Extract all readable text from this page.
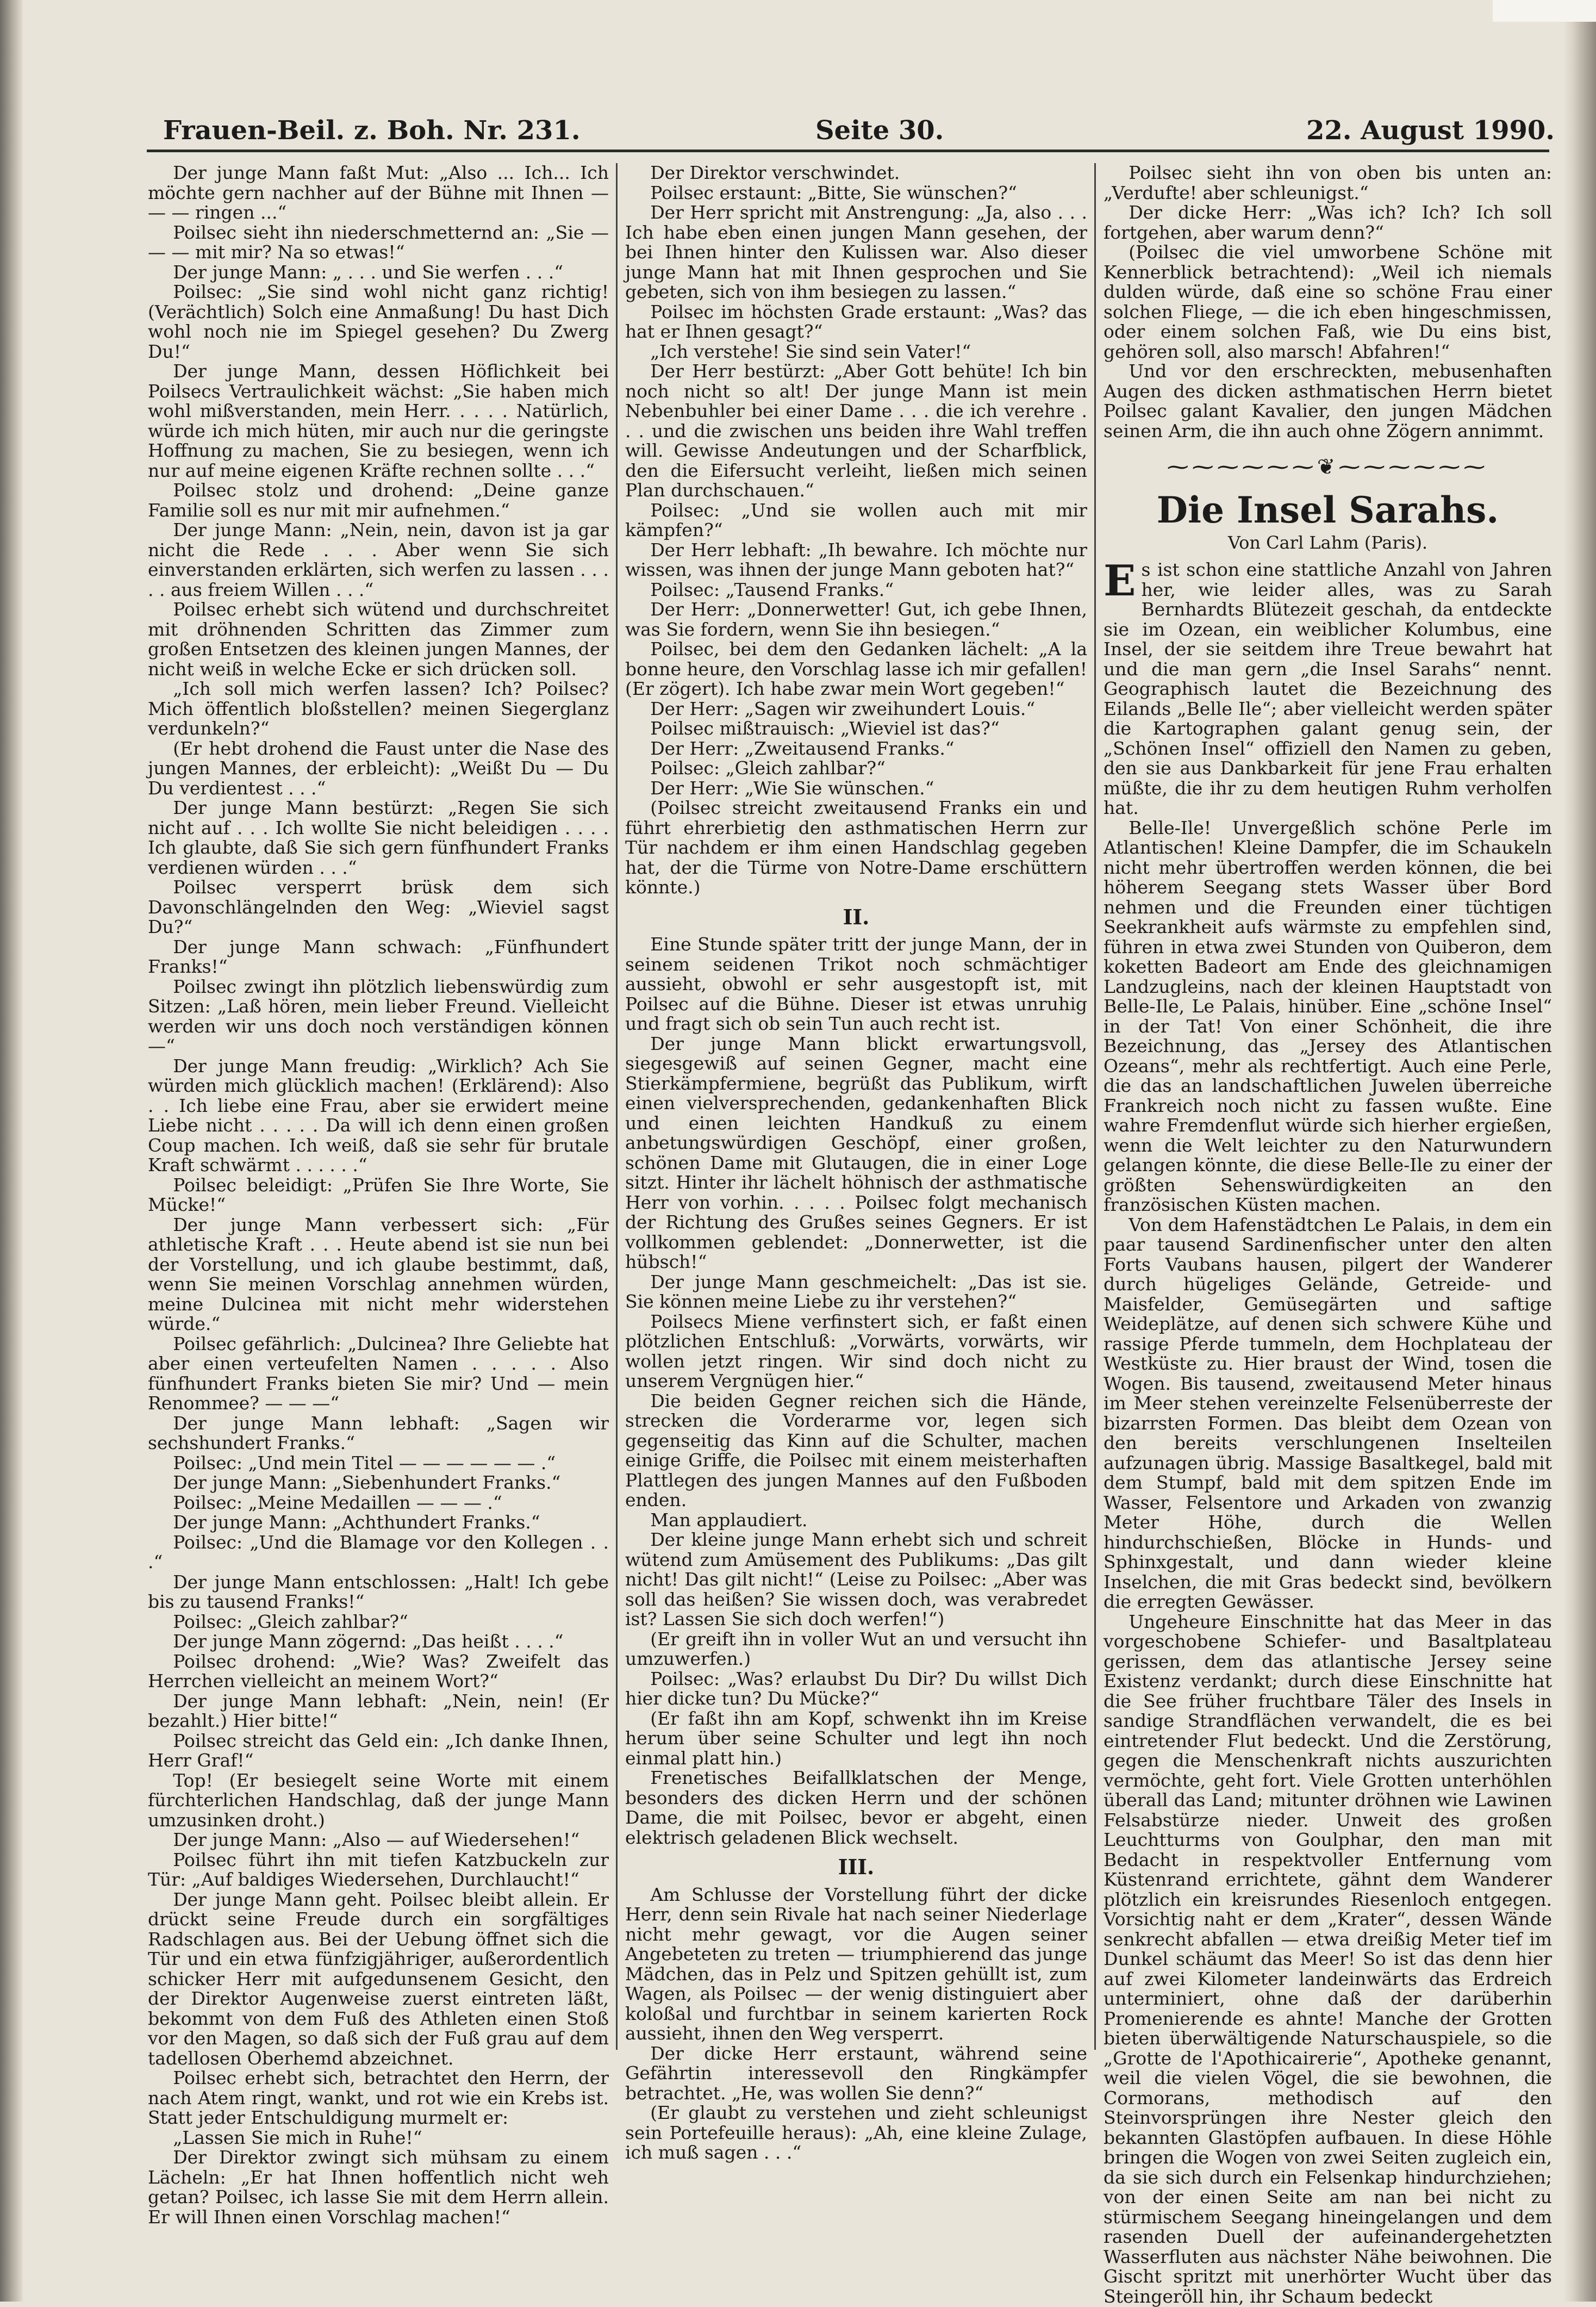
Frauen-Beil. z. Boh. Nr. 231.	Seite 30.	22. August 1990.

Der junge Mann faßt Mut: „Also ... Ich... Ich möchte gern nachher auf der Bühne mit Ihnen — — — ringen ...“

Poilsec sieht ihn niederschmetternd an: „Sie — — — mit mir? Na so etwas!“

Der junge Mann: „ . . . und Sie werfen . . .“

Poilsec: „Sie sind wohl nicht ganz richtig! (Verächtlich) Solch eine Anmaßung! Du hast Dich wohl noch nie im Spiegel gesehen? Du Zwerg Du!“

Der junge Mann, dessen Höflichkeit bei Poilsecs Vertraulichkeit wächst: „Sie haben mich wohl mißverstanden, mein Herr. . . . . Natürlich, würde ich mich hüten, mir auch nur die geringste Hoffnung zu machen, Sie zu besiegen, wenn ich nur auf meine eigenen Kräfte rechnen sollte . . .“

Poilsec stolz und drohend: „Deine ganze Familie soll es nur mit mir aufnehmen.“

Der junge Mann: „Nein, nein, davon ist ja gar nicht die Rede . . . Aber wenn Sie sich einverstanden erklärten, sich werfen zu lassen . . . . . aus freiem Willen . . .“

Poilsec erhebt sich wütend und durchschreitet mit dröhnenden Schritten das Zimmer zum großen Entsetzen des kleinen jungen Mannes, der nicht weiß in welche Ecke er sich drücken soll.

„Ich soll mich werfen lassen? Ich? Poilsec? Mich öffentlich bloßstellen? meinen Siegerglanz verdunkeln?“

(Er hebt drohend die Faust unter die Nase des jungen Mannes, der erbleicht): „Weißt Du — Du Du verdientest . . .“

Der junge Mann bestürzt: „Regen Sie sich nicht auf . . . Ich wollte Sie nicht beleidigen . . . . Ich glaubte, daß Sie sich gern fünfhundert Franks verdienen würden . . .“

Poilsec versperrt brüsk dem sich Davonschlängelnden den Weg: „Wieviel sagst Du?“

Der junge Mann schwach: „Fünfhundert Franks!“

Poilsec zwingt ihn plötzlich liebenswürdig zum Sitzen: „Laß hören, mein lieber Freund. Vielleicht werden wir uns doch noch verständigen können —“

Der junge Mann freudig: „Wirklich? Ach Sie würden mich glücklich machen! (Erklärend): Also . . Ich liebe eine Frau, aber sie erwidert meine Liebe nicht . . . . . Da will ich denn einen großen Coup machen. Ich weiß, daß sie sehr für brutale Kraft schwärmt . . . . . .“

Poilsec beleidigt: „Prüfen Sie Ihre Worte, Sie Mücke!“

Der junge Mann verbessert sich: „Für athletische Kraft . . . Heute abend ist sie nun bei der Vorstellung, und ich glaube bestimmt, daß, wenn Sie meinen Vorschlag annehmen würden, meine Dulcinea mit nicht mehr widerstehen würde.“

Poilsec gefährlich: „Dulcinea? Ihre Geliebte hat aber einen verteufelten Namen . . . . . Also fünfhundert Franks bieten Sie mir? Und — mein Renommee? — — —“

Der junge Mann lebhaft: „Sagen wir sechshundert Franks.“

Poilsec: „Und mein Titel — — — — — — .“

Der junge Mann: „Siebenhundert Franks.“

Poilsec: „Meine Medaillen — — — .“

Der junge Mann: „Achthundert Franks.“

Poilsec: „Und die Blamage vor den Kollegen . . .“

Der junge Mann entschlossen: „Halt! Ich gebe bis zu tausend Franks!“

Poilsec: „Gleich zahlbar?“

Der junge Mann zögernd: „Das heißt . . . .“

Poilsec drohend: „Wie? Was? Zweifelt das Herrchen vielleicht an meinem Wort?“

Der junge Mann lebhaft: „Nein, nein! (Er bezahlt.) Hier bitte!“

Poilsec streicht das Geld ein: „Ich danke Ihnen, Herr Graf!“

Top! (Er besiegelt seine Worte mit einem fürchterlichen Handschlag, daß der junge Mann umzusinken droht.)

Der junge Mann: „Also — auf Wiedersehen!“

Poilsec führt ihn mit tiefen Katzbuckeln zur Tür: „Auf baldiges Wiedersehen, Durchlaucht!“

Der junge Mann geht. Poilsec bleibt allein. Er drückt seine Freude durch ein sorgfältiges Radschlagen aus. Bei der Uebung öffnet sich die Tür und ein etwa fünfzigjähriger, außerordentlich schicker Herr mit aufgedunsenem Gesicht, den der Direktor Augenweise zuerst eintreten läßt, bekommt von dem Fuß des Athleten einen Stoß vor den Magen, so daß sich der Fuß grau auf dem tadellosen Oberhemd abzeichnet.

Poilsec erhebt sich, betrachtet den Herrn, der nach Atem ringt, wankt, und rot wie ein Krebs ist. Statt jeder Entschuldigung murmelt er:

„Lassen Sie mich in Ruhe!“

Der Direktor zwingt sich mühsam zu einem Lächeln: „Er hat Ihnen hoffentlich nicht weh getan? Poilsec, ich lasse Sie mit dem Herrn allein. Er will Ihnen einen Vorschlag machen!“

Der Direktor verschwindet.

Poilsec erstaunt: „Bitte, Sie wünschen?“

Der Herr spricht mit Anstrengung: „Ja, also . . . Ich habe eben einen jungen Mann gesehen, der bei Ihnen hinter den Kulissen war. Also dieser junge Mann hat mit Ihnen gesprochen und Sie gebeten, sich von ihm besiegen zu lassen.“

Poilsec im höchsten Grade erstaunt: „Was? das hat er Ihnen gesagt?“

„Ich verstehe! Sie sind sein Vater!“

Der Herr bestürzt: „Aber Gott behüte! Ich bin noch nicht so alt! Der junge Mann ist mein Nebenbuhler bei einer Dame . . . die ich verehre . . . und die zwischen uns beiden ihre Wahl treffen will. Gewisse Andeutungen und der Scharfblick, den die Eifersucht verleiht, ließen mich seinen Plan durchschauen.“

Poilsec: „Und sie wollen auch mit mir kämpfen?“

Der Herr lebhaft: „Ih bewahre. Ich möchte nur wissen, was ihnen der junge Mann geboten hat?“

Poilsec: „Tausend Franks.“

Der Herr: „Donnerwetter! Gut, ich gebe Ihnen, was Sie fordern, wenn Sie ihn besiegen.“

Poilsec, bei dem den Gedanken lächelt: „A la bonne heure, den Vorschlag lasse ich mir gefallen! (Er zögert). Ich habe zwar mein Wort gegeben!“

Der Herr: „Sagen wir zweihundert Louis.“

Poilsec mißtrauisch: „Wieviel ist das?“

Der Herr: „Zweitausend Franks.“

Poilsec: „Gleich zahlbar?“

Der Herr: „Wie Sie wünschen.“

(Poilsec streicht zweitausend Franks ein und führt ehrerbietig den asthmatischen Herrn zur Tür nachdem er ihm einen Handschlag gegeben hat, der die Türme von Notre-Dame erschüttern könnte.)

II.

Eine Stunde später tritt der junge Mann, der in seinem seidenen Trikot noch schmächtiger aussieht, obwohl er sehr ausgestopft ist, mit Poilsec auf die Bühne. Dieser ist etwas unruhig und fragt sich ob sein Tun auch recht ist.

Der junge Mann blickt erwartungsvoll, siegesgewiß auf seinen Gegner, macht eine Stierkämpfermiene, begrüßt das Publikum, wirft einen vielversprechenden, gedankenhaften Blick und einen leichten Handkuß zu einem anbetungswürdigen Geschöpf, einer großen, schönen Dame mit Glutaugen, die in einer Loge sitzt. Hinter ihr lächelt höhnisch der asthmatische Herr von vorhin. . . . . Poilsec folgt mechanisch der Richtung des Grußes seines Gegners. Er ist vollkommen geblendet: „Donnerwetter, ist die hübsch!“

Der junge Mann geschmeichelt: „Das ist sie. Sie können meine Liebe zu ihr verstehen?“

Poilsecs Miene verfinstert sich, er faßt einen plötzlichen Entschluß: „Vorwärts, vorwärts, wir wollen jetzt ringen. Wir sind doch nicht zu unserem Vergnügen hier.“

Die beiden Gegner reichen sich die Hände, strecken die Vorderarme vor, legen sich gegenseitig das Kinn auf die Schulter, machen einige Griffe, die Poilsec mit einem meisterhaften Plattlegen des jungen Mannes auf den Fußboden enden.

Man applaudiert.

Der kleine junge Mann erhebt sich und schreit wütend zum Amüsement des Publikums: „Das gilt nicht! Das gilt nicht!“ (Leise zu Poilsec: „Aber was soll das heißen? Sie wissen doch, was verabredet ist? Lassen Sie sich doch werfen!“)

(Er greift ihn in voller Wut an und versucht ihn umzuwerfen.)

Poilsec: „Was? erlaubst Du Dir? Du willst Dich hier dicke tun? Du Mücke?“

(Er faßt ihn am Kopf, schwenkt ihn im Kreise herum über seine Schulter und legt ihn noch einmal platt hin.)

Frenetisches Beifallklatschen der Menge, besonders des dicken Herrn und der schönen Dame, die mit Poilsec, bevor er abgeht, einen elektrisch geladenen Blick wechselt.

III.

Am Schlusse der Vorstellung führt der dicke Herr, denn sein Rivale hat nach seiner Niederlage nicht mehr gewagt, vor die Augen seiner Angebeteten zu treten — triumphierend das junge Mädchen, das in Pelz und Spitzen gehüllt ist, zum Wagen, als Poilsec — der wenig distinguiert aber koloßal und furchtbar in seinem karierten Rock aussieht, ihnen den Weg versperrt.

Der dicke Herr erstaunt, während seine Gefährtin interessevoll den Ringkämpfer betrachtet. „He, was wollen Sie denn?“

(Er glaubt zu verstehen und zieht schleunigst sein Portefeuille heraus): „Ah, eine kleine Zulage, ich muß sagen . . .“

Poilsec sieht ihn von oben bis unten an: „Verdufte! aber schleunigst.“

Der dicke Herr: „Was ich? Ich? Ich soll fortgehen, aber warum denn?“

(Poilsec die viel umworbene Schöne mit Kennerblick betrachtend): „Weil ich niemals dulden würde, daß eine so schöne Frau einer solchen Fliege, — die ich eben hingeschmissen, oder einem solchen Faß, wie Du eins bist, gehören soll, also marsch! Abfahren!“

Und vor den erschreckten, mebusenhaften Augen des dicken asthmatischen Herrn bietet Poilsec galant Kavalier, den jungen Mädchen seinen Arm, die ihn auch ohne Zögern annimmt.

⁓⁓⁓⁓⁓⁓❦⁓⁓⁓⁓⁓⁓
Die Insel Sarahs.
Von Carl Lahm (Paris).

Es ist schon eine stattliche Anzahl von Jahren her, wie leider alles, was zu Sarah Bernhardts Blütezeit geschah, da entdeckte sie im Ozean, ein weiblicher Kolumbus, eine Insel, der sie seitdem ihre Treue bewahrt hat und die man gern „die Insel Sarahs“ nennt. Geographisch lautet die Bezeichnung des Eilands „Belle Ile“; aber vielleicht werden später die Kartographen galant genug sein, der „Schönen Insel“ offiziell den Namen zu geben, den sie aus Dankbarkeit für jene Frau erhalten müßte, die ihr zu dem heutigen Ruhm verholfen hat.

Belle-Ile! Unvergeßlich schöne Perle im Atlantischen! Kleine Dampfer, die im Schaukeln nicht mehr übertroffen werden können, die bei höherem Seegang stets Wasser über Bord nehmen und die Freunden einer tüchtigen Seekrankheit aufs wärmste zu empfehlen sind, führen in etwa zwei Stunden von Quiberon, dem koketten Badeort am Ende des gleichnamigen Landzugleins, nach der kleinen Hauptstadt von Belle-Ile, Le Palais, hinüber. Eine „schöne Insel“ in der Tat! Von einer Schönheit, die ihre Bezeichnung, das „Jersey des Atlantischen Ozeans“, mehr als rechtfertigt. Auch eine Perle, die das an landschaftlichen Juwelen überreiche Frankreich noch nicht zu fassen wußte. Eine wahre Fremdenflut würde sich hierher ergießen, wenn die Welt leichter zu den Naturwundern gelangen könnte, die diese Belle-Ile zu einer der größten Sehenswürdigkeiten an den französischen Küsten machen.

Von dem Hafenstädtchen Le Palais, in dem ein paar tausend Sardinenfischer unter den alten Forts Vaubans hausen, pilgert der Wanderer durch hügeliges Gelände, Getreide- und Maisfelder, Gemüsegärten und saftige Weideplätze, auf denen sich schwere Kühe und rassige Pferde tummeln, dem Hochplateau der Westküste zu. Hier braust der Wind, tosen die Wogen. Bis tausend, zweitausend Meter hinaus im Meer stehen vereinzelte Felsenüberreste der bizarrsten Formen. Das bleibt dem Ozean von den bereits verschlungenen Inselteilen aufzunagen übrig. Massige Basaltkegel, bald mit dem Stumpf, bald mit dem spitzen Ende im Wasser, Felsentore und Arkaden von zwanzig Meter Höhe, durch die Wellen hindurchschießen, Blöcke in Hunds- und Sphinxgestalt, und dann wieder kleine Inselchen, die mit Gras bedeckt sind, bevölkern die erregten Gewässer.

Ungeheure Einschnitte hat das Meer in das vorgeschobene Schiefer- und Basaltplateau gerissen, dem das atlantische Jersey seine Existenz verdankt; durch diese Einschnitte hat die See früher fruchtbare Täler des Insels in sandige Strandflächen verwandelt, die es bei eintretender Flut bedeckt. Und die Zerstörung, gegen die Menschenkraft nichts auszurichten vermöchte, geht fort. Viele Grotten unterhöhlen überall das Land; mitunter dröhnen wie Lawinen Felsabstürze nieder. Unweit des großen Leuchtturms von Goulphar, den man mit Bedacht in respektvoller Entfernung vom Küstenrand errichtete, gähnt dem Wanderer plötzlich ein kreisrundes Riesenloch entgegen. Vorsichtig naht er dem „Krater“, dessen Wände senkrecht abfallen — etwa dreißig Meter tief im Dunkel schäumt das Meer! So ist das denn hier auf zwei Kilometer landeinwärts das Erdreich unterminiert, ohne daß der darüberhin Promenierende es ahnte! Manche der Grotten bieten überwältigende Naturschauspiele, so die „Grotte de l'Apothicairerie“, Apotheke genannt, weil die vielen Vögel, die sie bewohnen, die Cormorans, methodisch auf den Steinvorsprüngen ihre Nester gleich den bekannten Glastöpfen aufbauen. In diese Höhle bringen die Wogen von zwei Seiten zugleich ein, da sie sich durch ein Felsenkap hindurchziehen; von der einen Seite am nan bei nicht zu stürmischem Seegang hineingelangen und dem rasenden Duell der aufeinandergehetzten Wasserfluten aus nächster Nähe beiwohnen. Die Gischt spritzt mit unerhörter Wucht über das Steingeröll hin, ihr Schaum bedeckt
